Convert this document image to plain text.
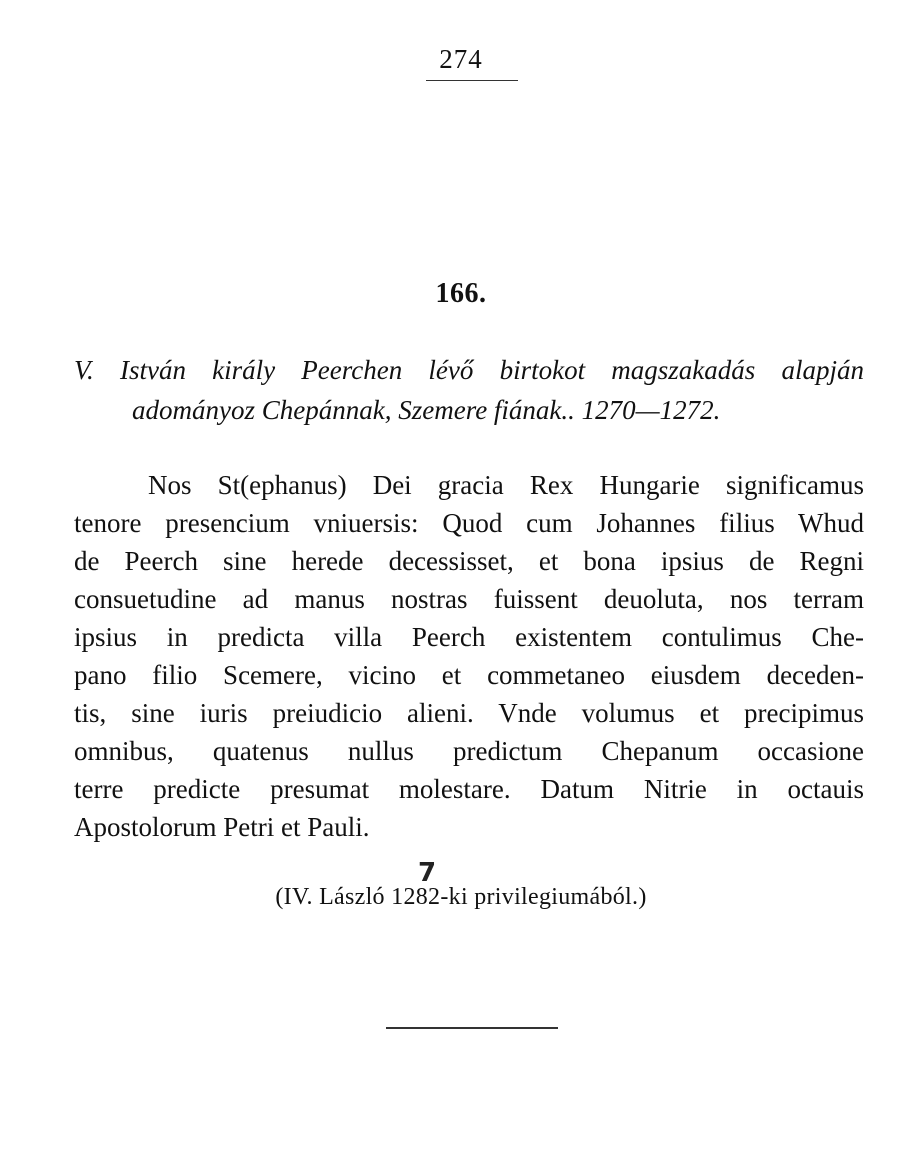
274
166.
V. István király Peerchen lévő birtokot magszakadás alapján
adományoz Chepánnak, Szemere fiának.. 1270—1272.
Nos St(ephanus) Dei gracia Rex Hungarie significamus
tenore presencium vniuersis: Quod cum Johannes filius Whud
de Peerch sine herede decessisset, et bona ipsius de Regni
consuetudine ad manus nostras fuissent deuoluta, nos terram
ipsius in predicta villa Peerch existentem contulimus Che-
pano filio Scemere, vicino et commetaneo eiusdem deceden-
tis, sine iuris preiudicio alieni. Vnde volumus et precipimus
omnibus, quatenus nullus predictum Chepanum occasione
terre predicte presumat molestare. Datum Nitrie in octauis
Apostolorum Petri et Pauli.
7
(IV. László 1282-ki privilegiumából.)
